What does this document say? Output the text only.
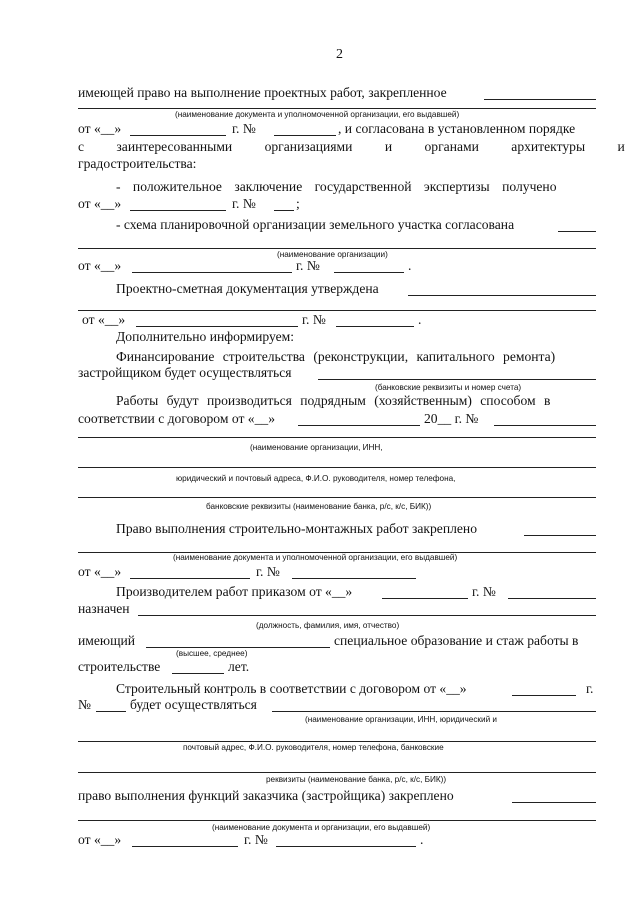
2
имеющей право на выполнение проектных работ, закрепленное
(наименование документа и уполномоченной организации, его выдавшей)
от «__»	г. №	, и согласована в установленном порядке
с заинтересованными организациями и органами архитектуры и
градостроительства:
- положительное заключение государственной экспертизы получено
от «__»	г. №	;
- схема планировочной организации земельного участка согласована
(наименование организации)
от «__»	г. №	.
Проектно-сметная документация утверждена
от «__»	г. №	.
Дополнительно информируем:
Финансирование строительства (реконструкции, капитального ремонта)
застройщиком будет осуществляться
(банковские реквизиты и номер счета)
Работы будут производиться подрядным (хозяйственным) способом в
соответствии с договором от «__»	20__ г. №
(наименование организации, ИНН,
юридический и почтовый адреса, Ф.И.О. руководителя, номер телефона,
банковские реквизиты (наименование банка, р/с, к/с, БИК))
Право выполнения строительно-монтажных работ закреплено
(наименование документа и уполномоченной организации, его выдавшей)
от «__»	г. №
Производителем работ приказом от «__»	г. №
назначен
(должность, фамилия, имя, отчество)
имеющий	специальное образование и стаж работы в
(высшее, среднее)
строительстве	лет.
Строительный контроль в соответствии с договором от «__»	г.
№	будет осуществляться
(наименование организации, ИНН, юридический и
почтовый адрес, Ф.И.О. руководителя, номер телефона, банковские
реквизиты (наименование банка, р/с, к/с, БИК))
право выполнения функций заказчика (застройщика) закреплено
(наименование документа и организации, его выдавшей)
от «__»	г. №	.
